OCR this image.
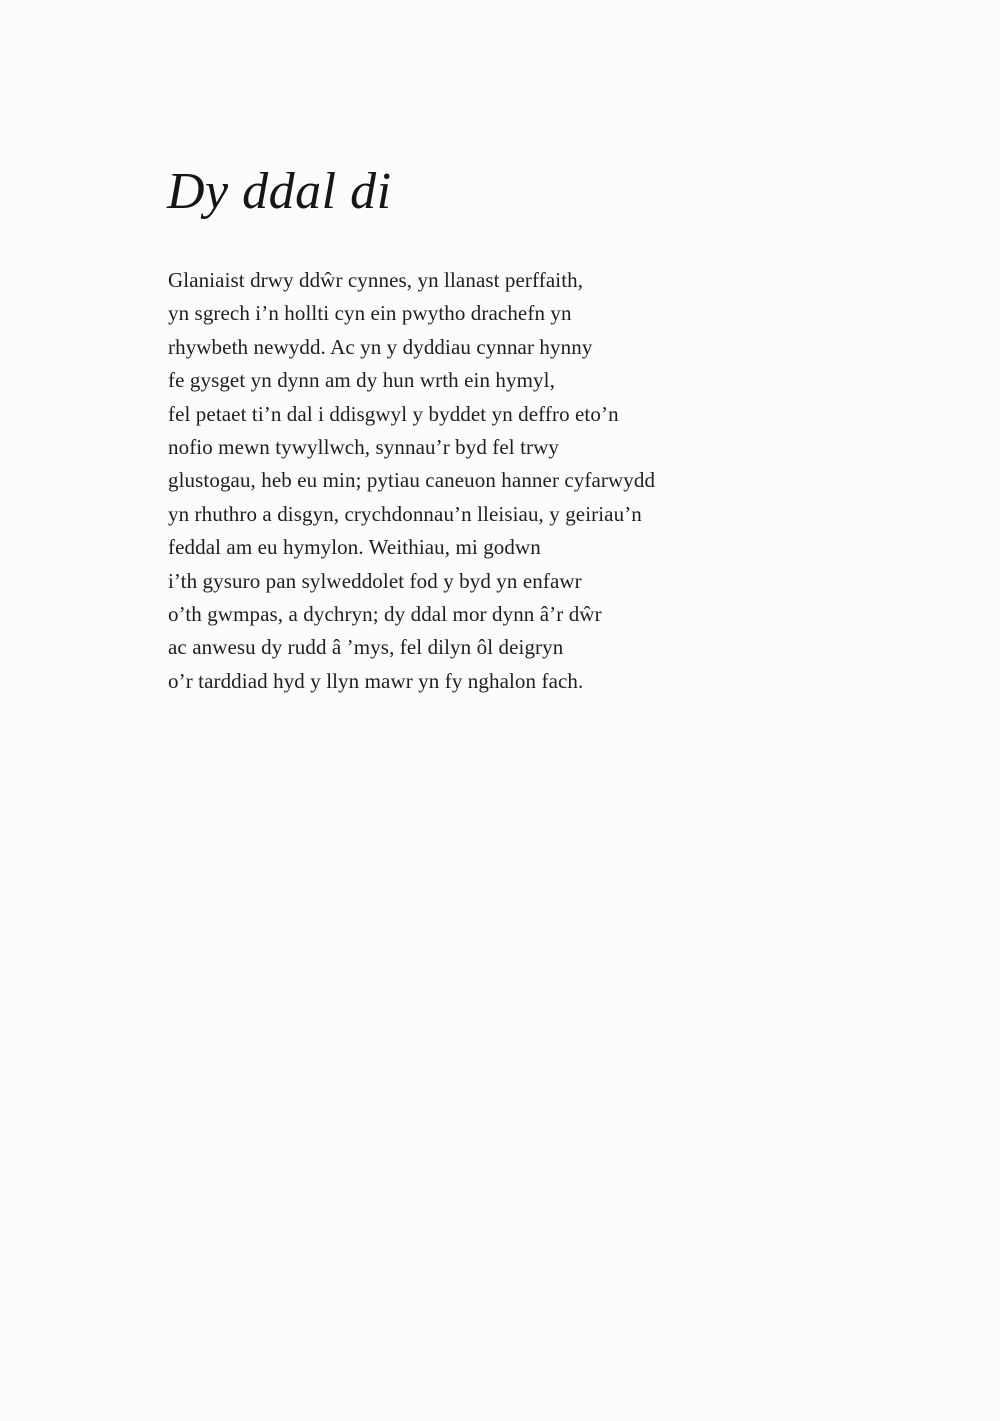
Dy ddal di
Glaniaist drwy ddŵr cynnes, yn llanast perffaith,
yn sgrech i’n hollti cyn ein pwytho drachefn yn
rhywbeth newydd. Ac yn y dyddiau cynnar hynny
fe gysget yn dynn am dy hun wrth ein hymyl,
fel petaet ti’n dal i ddisgwyl y byddet yn deffro eto’n
nofio mewn tywyllwch, synnau’r byd fel trwy
glustogau, heb eu min; pytiau caneuon hanner cyfarwydd
yn rhuthro a disgyn, crychdonnau’n lleisiau, y geiriau’n
feddal am eu hymylon. Weithiau, mi godwn
i’th gysuro pan sylweddolet fod y byd yn enfawr
o’th gwmpas, a dychryn; dy ddal mor dynn â’r dŵr
ac anwesu dy rudd â ’mys, fel dilyn ôl deigryn
o’r tarddiad hyd y llyn mawr yn fy nghalon fach.
